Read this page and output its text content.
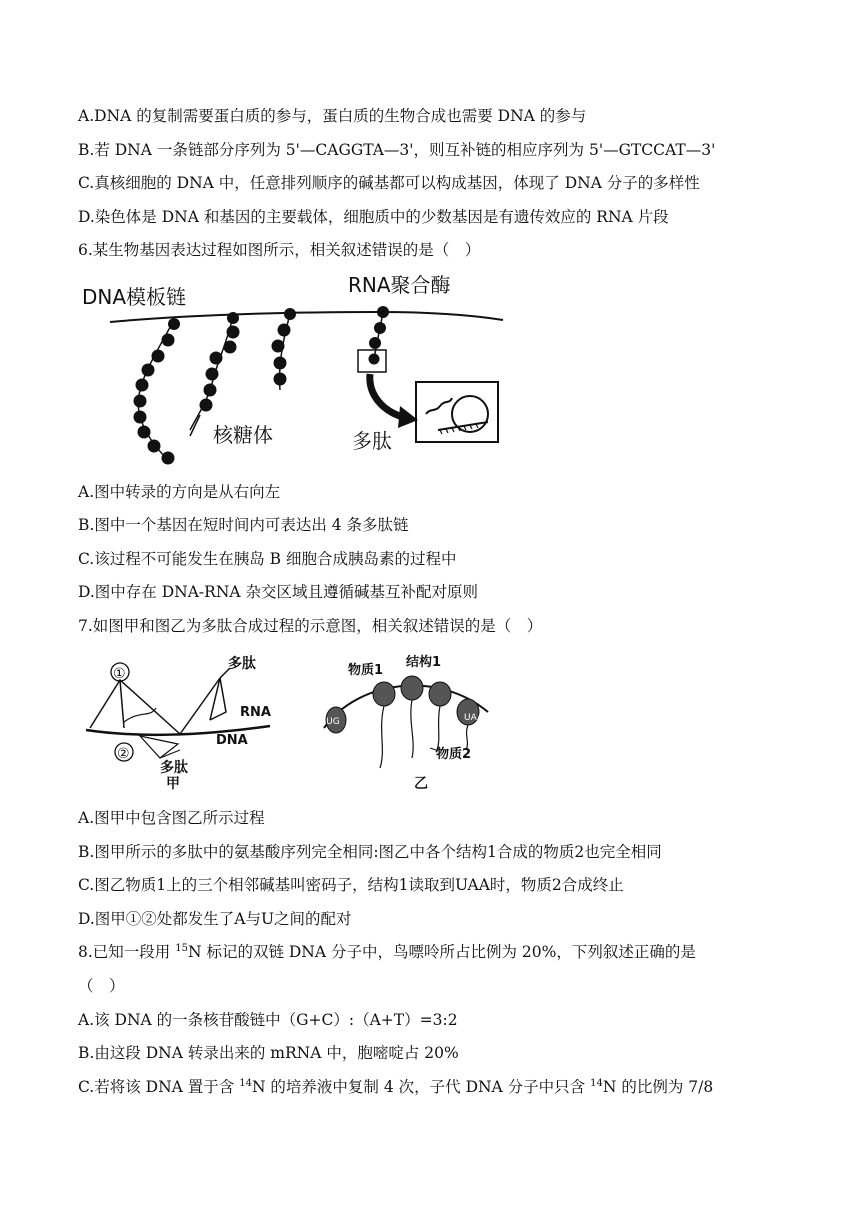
A.DNA 的复制需要蛋白质的参与，蛋白质的生物合成也需要 DNA 的参与
B.若 DNA 一条链部分序列为 5'—CAGGTA—3'，则互补链的相应序列为 5'—GTCCAT—3'
C.真核细胞的 DNA 中，任意排列顺序的碱基都可以构成基因，体现了 DNA 分子的多样性
D.染色体是 DNA 和基因的主要载体，细胞质中的少数基因是有遗传效应的 RNA 片段
6.某生物基因表达过程如图所示，相关叙述错误的是（　）
DNA模板链	RNA聚合酶
核糖体	多肽
A.图中转录的方向是从右向左
B.图中一个基因在短时间内可表达出 4 条多肽链
C.该过程不可能发生在胰岛 B 细胞合成胰岛素的过程中
D.图中存在 DNA-RNA 杂交区域且遵循碱基互补配对原则
7.如图甲和图乙为多肽合成过程的示意图，相关叙述错误的是（　）
①
②
多肽
RNA
DNA
多肽
甲
AUG	UAA
物质1
结构1
物质2
乙
A.图甲中包含图乙所示过程
B.图甲所示的多肽中的氨基酸序列完全相同:图乙中各个结构1合成的物质2也完全相同
C.图乙物质1上的三个相邻碱基叫密码子，结构1读取到UAA时，物质2合成终止
D.图甲①②处都发生了A与U之间的配对
8.已知一段用 $^{15}$N 标记的双链 DNA 分子中，鸟嘌呤所占比例为 20%，下列叙述正确的是
（　）
A.该 DNA 的一条核苷酸链中（G+C）:（A+T）=3:2
B.由这段 DNA 转录出来的 mRNA 中，胞嘧啶占 20%
C.若将该 DNA 置于含 $^{14}$N 的培养液中复制 4 次，子代 DNA 分子中只含 $^{14}$N 的比例为 7/8
